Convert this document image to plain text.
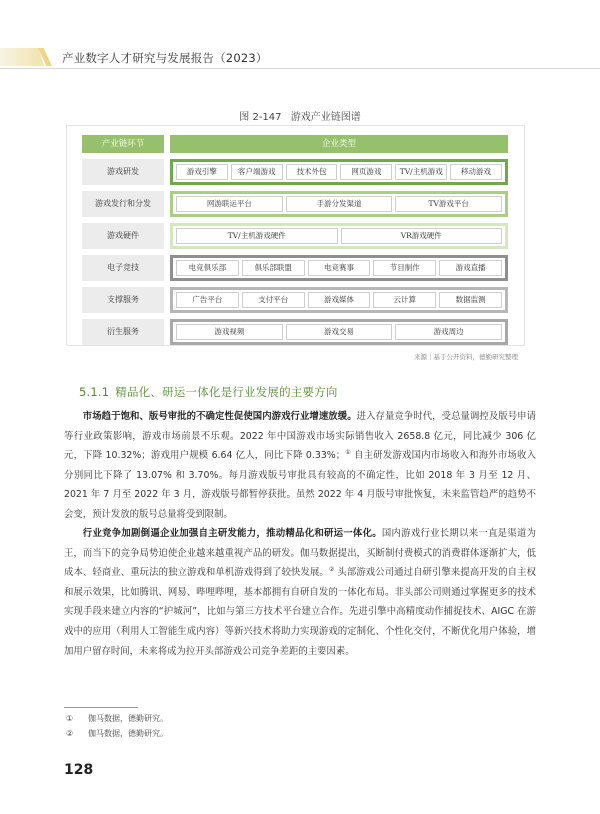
产业数字人才研究与发展报告（2023）
图 2-147 游戏产业链图谱
产业链环节	企业类型
游戏研发	游戏引擎	客户端游戏	技术外包	网页游戏	TV/主机游戏	移动游戏
游戏发行和分发	网游联运平台	手游分发渠道	TV游戏平台
游戏硬件	TV/主机游戏硬件	VR游戏硬件
电子竞技	电竞俱乐部	俱乐部联盟	电竞赛事	节目制作	游戏直播
支撑服务	广告平台	支付平台	游戏媒体	云计算	数据监测
衍生服务	游戏视频	游戏交易	游戏周边
来源｜基于公开资料，德勤研究整理
5.1.1 精品化、研运一体化是行业发展的主要方向

市场趋于饱和、版号审批的不确定性促使国内游戏行业增速放缓。进入存量竞争时代，受总量调控及版号申请等行业政策影响，游戏市场前景不乐观。2022 年中国游戏市场实际销售收入 2658.8 亿元，同比减少 306 亿元，下降 10.32%；游戏用户规模 6.64 亿人，同比下降 0.33%；① 自主研发游戏国内市场收入和海外市场收入分别同比下降了 13.07% 和 3.70%。每月游戏版号审批具有较高的不确定性，比如 2018 年 3 月至 12 月、2021 年 7 月至 2022 年 3 月，游戏版号都暂停获批。虽然 2022 年 4 月版号审批恢复，未来监管趋严的趋势不会变，预计发放的版号总量将受到限制。

行业竞争加剧倒逼企业加强自主研发能力，推动精品化和研运一体化。国内游戏行业长期以来一直是渠道为王，而当下的竞争局势迫使企业越来越重视产品的研发。伽马数据提出，买断制付费模式的消费群体逐渐扩大，低成本、轻商业、重玩法的独立游戏和单机游戏得到了较快发展。② 头部游戏公司通过自研引擎来提高开发的自主权和展示效果，比如腾讯、网易、哔哩哔哩，基本都拥有自研自发的一体化布局。非头部公司则通过掌握更多的技术实现手段来建立内容的“护城河”，比如与第三方技术平台建立合作。先进引擎中高精度动作捕捉技术、AIGC 在游戏中的应用（利用人工智能生成内容）等新兴技术将助力实现游戏的定制化、个性化交付，不断优化用户体验，增加用户留存时间，未来将成为拉开头部游戏公司竞争差距的主要因素。

① 伽马数据，德勤研究。
② 伽马数据，德勤研究。
128
